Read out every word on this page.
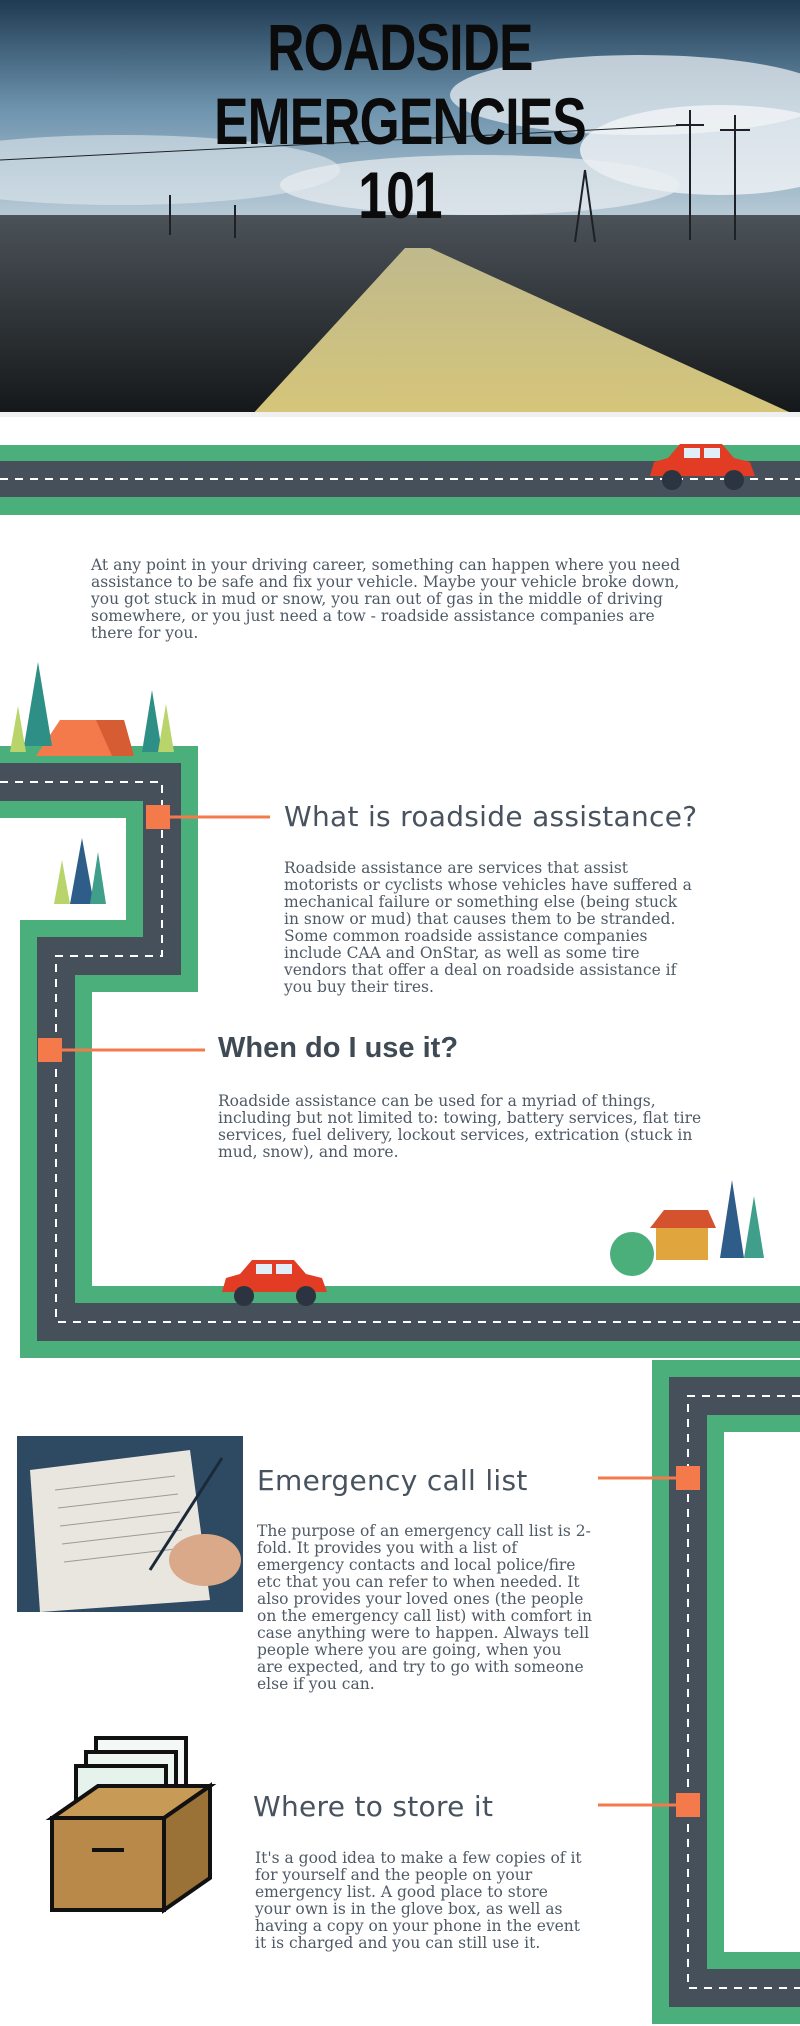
ROADSIDE
EMERGENCIES
101
At any point in your driving career, something can happen where you need assistance to be safe and fix your vehicle. Maybe your vehicle broke down, you got stuck in mud or snow, you ran out of gas in the middle of driving somewhere, or you just need a tow - roadside assistance companies are there for you.
What is roadside assistance?
Roadside assistance are services that assist motorists or cyclists whose vehicles have suffered a mechanical failure or something else (being stuck in snow or mud) that causes them to be stranded. Some common roadside assistance companies include CAA and OnStar, as well as some tire vendors that offer a deal on roadside assistance if you buy their tires.
When do I use it?
Roadside assistance can be used for a myriad of things, including but not limited to: towing, battery services, flat tire services, fuel delivery, lockout services, extrication (stuck in mud, snow), and more.
Emergency call list
The purpose of an emergency call list is 2-fold. It provides you with a list of emergency contacts and local police/fire etc that you can refer to when needed. It also provides your loved ones (the people on the emergency call list) with comfort in case anything were to happen. Always tell people where you are going, when you are expected, and try to go with someone else if you can.
Where to store it
It's a good idea to make a few copies of it for yourself and the people on your emergency list. A good place to store your own is in the glove box, as well as having a copy on your phone in the event it is charged and you can still use it.
